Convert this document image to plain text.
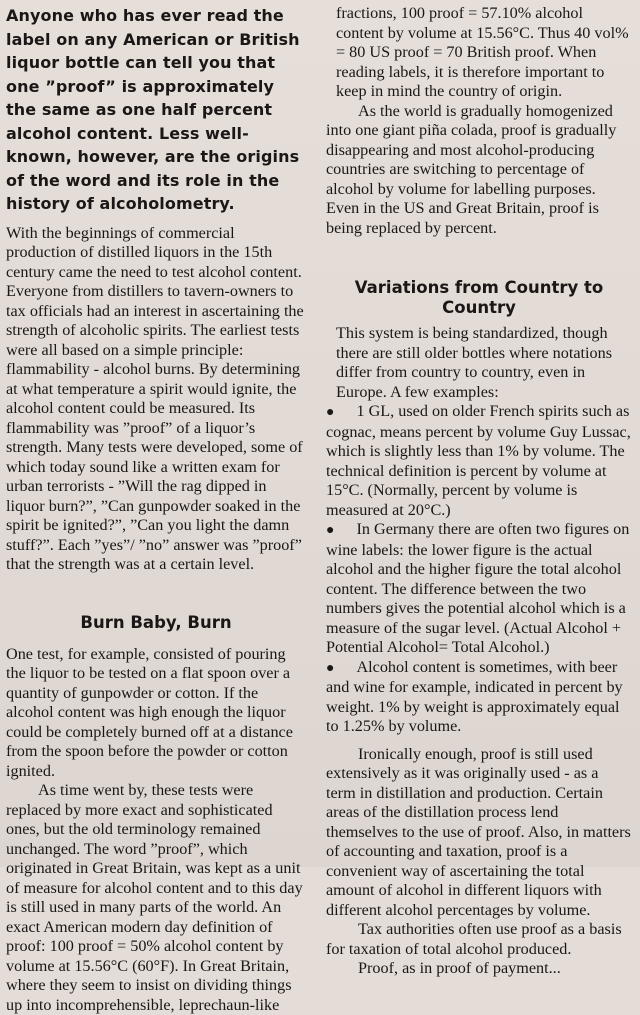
Anyone who has ever read the label on any American or British liquor bottle can tell you that one ”proof” is approximately the same as one half percent alcohol content. Less well-known, however, are the origins of the word and its role in the history of alcoholometry.

With the beginnings of commercial production of distilled liquors in the 15th century came the need to test alcohol content. Everyone from distillers to tavern-owners to tax officials had an interest in ascertaining the strength of alcoholic spirits. The earliest tests were all based on a simple principle: flammability - alcohol burns. By determining at what temperature a spirit would ignite, the alcohol content could be measured. Its flammability was ”proof” of a liquor’s strength. Many tests were developed, some of which today sound like a written exam for urban terrorists - ”Will the rag dipped in liquor burn?”, ”Can gunpowder soaked in the spirit be ignited?”, ”Can you light the damn stuff?”. Each ”yes”/ ”no” answer was ”proof” that the strength was at a certain level.

Burn Baby, Burn

One test, for example, consisted of pouring the liquor to be tested on a flat spoon over a quantity of gunpowder or cotton. If the alcohol content was high enough the liquor could be completely burned off at a distance from the spoon before the powder or cotton ignited.

As time went by, these tests were replaced by more exact and sophisticated ones, but the old terminology remained unchanged. The word ”proof”, which originated in Great Britain, was kept as a unit of measure for alcohol content and to this day is still used in many parts of the world. An exact American modern day definition of proof: 100 proof = 50% alcohol content by volume at 15.56°C (60°F). In Great Britain, where they seem to insist on dividing things up into incomprehensible, leprechaun-like

fractions, 100 proof = 57.10% alcohol content by volume at 15.56°C. Thus 40 vol% = 80 US proof = 70 British proof. When reading labels, it is therefore important to keep in mind the country of origin.

As the world is gradually homogenized into one giant piña colada, proof is gradually disappearing and most alcohol-producing countries are switching to percentage of alcohol by volume for labelling purposes. Even in the US and Great Britain, proof is being replaced by percent.

Variations from Country to Country

This system is being standardized, though there are still older bottles where notations differ from country to country, even in Europe. A few examples:

● 1 GL, used on older French spirits such as cognac, means percent by volume Guy Lussac, which is slightly less than 1% by volume. The technical definition is percent by volume at 15°C. (Normally, percent by volume is measured at 20°C.)

● In Germany there are often two figures on wine labels: the lower figure is the actual alcohol and the higher figure the total alcohol content. The difference between the two numbers gives the potential alcohol which is a measure of the sugar level. (Actual Alcohol + Potential Alcohol= Total Alcohol.)

● Alcohol content is sometimes, with beer and wine for example, indicated in percent by weight. 1% by weight is approximately equal to 1.25% by volume.

Ironically enough, proof is still used extensively as it was originally used - as a term in distillation and production. Certain areas of the distillation process lend themselves to the use of proof. Also, in matters of accounting and taxation, proof is a convenient way of ascertaining the total amount of alcohol in different liquors with different alcohol percentages by volume.

Tax authorities often use proof as a basis for taxation of total alcohol produced.

Proof, as in proof of payment...
